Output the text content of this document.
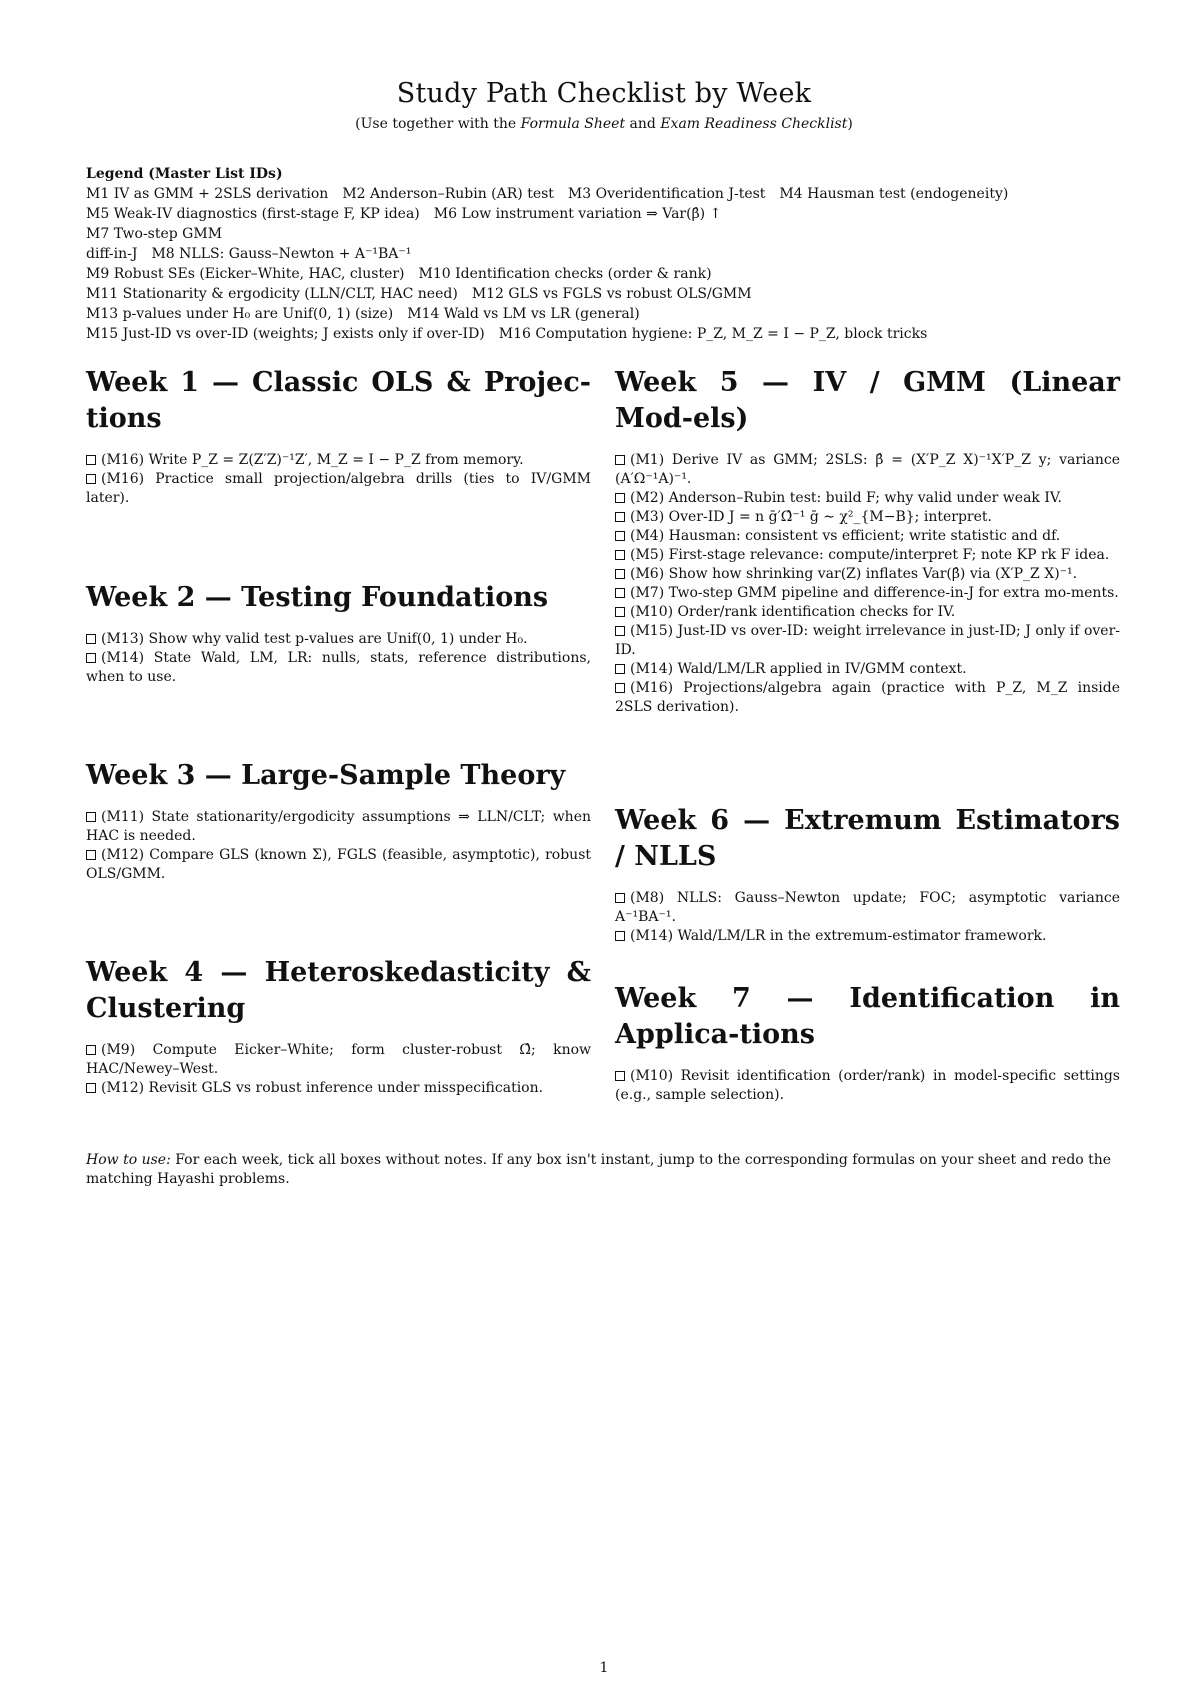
Study Path Checklist by Week

(Use together with the Formula Sheet and Exam Readiness Checklist)

Legend (Master List IDs)
M1 IV as GMM + 2SLS derivation M2 Anderson–Rubin (AR) test M3 Overidentification J-test M4 Hausman test (endogeneity)
M5 Weak-IV diagnostics (first-stage F, KP idea) M6 Low instrument variation ⇒ Var(β̂) ↑
M7 Two-step GMM
diff-in-J M8 NLLS: Gauss–Newton + A⁻¹BA⁻¹
M9 Robust SEs (Eicker–White, HAC, cluster) M10 Identification checks (order & rank)
M11 Stationarity & ergodicity (LLN/CLT, HAC need) M12 GLS vs FGLS vs robust OLS/GMM
M13 p-values under H₀ are Unif(0, 1) (size) M14 Wald vs LM vs LR (general)
M15 Just-ID vs over-ID (weights; J exists only if over-ID) M16 Computation hygiene: P_Z, M_Z = I − P_Z, block tricks
Week 1 — Classic OLS & Projec-tions
(M16) Write P_Z = Z(Z′Z)⁻¹Z′, M_Z = I − P_Z from memory.
(M16) Practice small projection/algebra drills (ties to IV/GMM later).
Week 2 — Testing Foundations
(M13) Show why valid test p-values are Unif(0, 1) under H₀.
(M14) State Wald, LM, LR: nulls, stats, reference distributions, when to use.
Week 3 — Large-Sample Theory
(M11) State stationarity/ergodicity assumptions ⇒ LLN/CLT; when HAC is needed.
(M12) Compare GLS (known Σ), FGLS (feasible, asymptotic), robust OLS/GMM.
Week 4 — Heteroskedasticity & Clustering
(M9) Compute Eicker–White; form cluster-robust Ω̂; know HAC/Newey–West.
(M12) Revisit GLS vs robust inference under misspecification.
Week 5 — IV / GMM (Linear Mod-els)
(M1) Derive IV as GMM; 2SLS: β̂ = (X′P_Z X)⁻¹X′P_Z y; variance (A′Ω⁻¹A)⁻¹.
(M2) Anderson–Rubin test: build F; why valid under weak IV.
(M3) Over-ID J = n ḡ′Ω̂⁻¹ ḡ ∼ χ²_{M−B}; interpret.
(M4) Hausman: consistent vs efficient; write statistic and df.
(M5) First-stage relevance: compute/interpret F; note KP rk F idea.
(M6) Show how shrinking var(Z) inflates Var(β̂) via (X′P_Z X)⁻¹.
(M7) Two-step GMM pipeline and difference-in-J for extra mo-ments.
(M10) Order/rank identification checks for IV.
(M15) Just-ID vs over-ID: weight irrelevance in just-ID; J only if over-ID.
(M14) Wald/LM/LR applied in IV/GMM context.
(M16) Projections/algebra again (practice with P_Z, M_Z inside 2SLS derivation).
Week 6 — Extremum Estimators / NLLS
(M8) NLLS: Gauss–Newton update; FOC; asymptotic variance A⁻¹BA⁻¹.
(M14) Wald/LM/LR in the extremum-estimator framework.
Week 7 — Identification in Applica-tions
(M10) Revisit identification (order/rank) in model-specific settings (e.g., sample selection).
How to use: For each week, tick all boxes without notes. If any box isn't instant, jump to the corresponding formulas on your sheet and redo the matching Hayashi problems.
1
